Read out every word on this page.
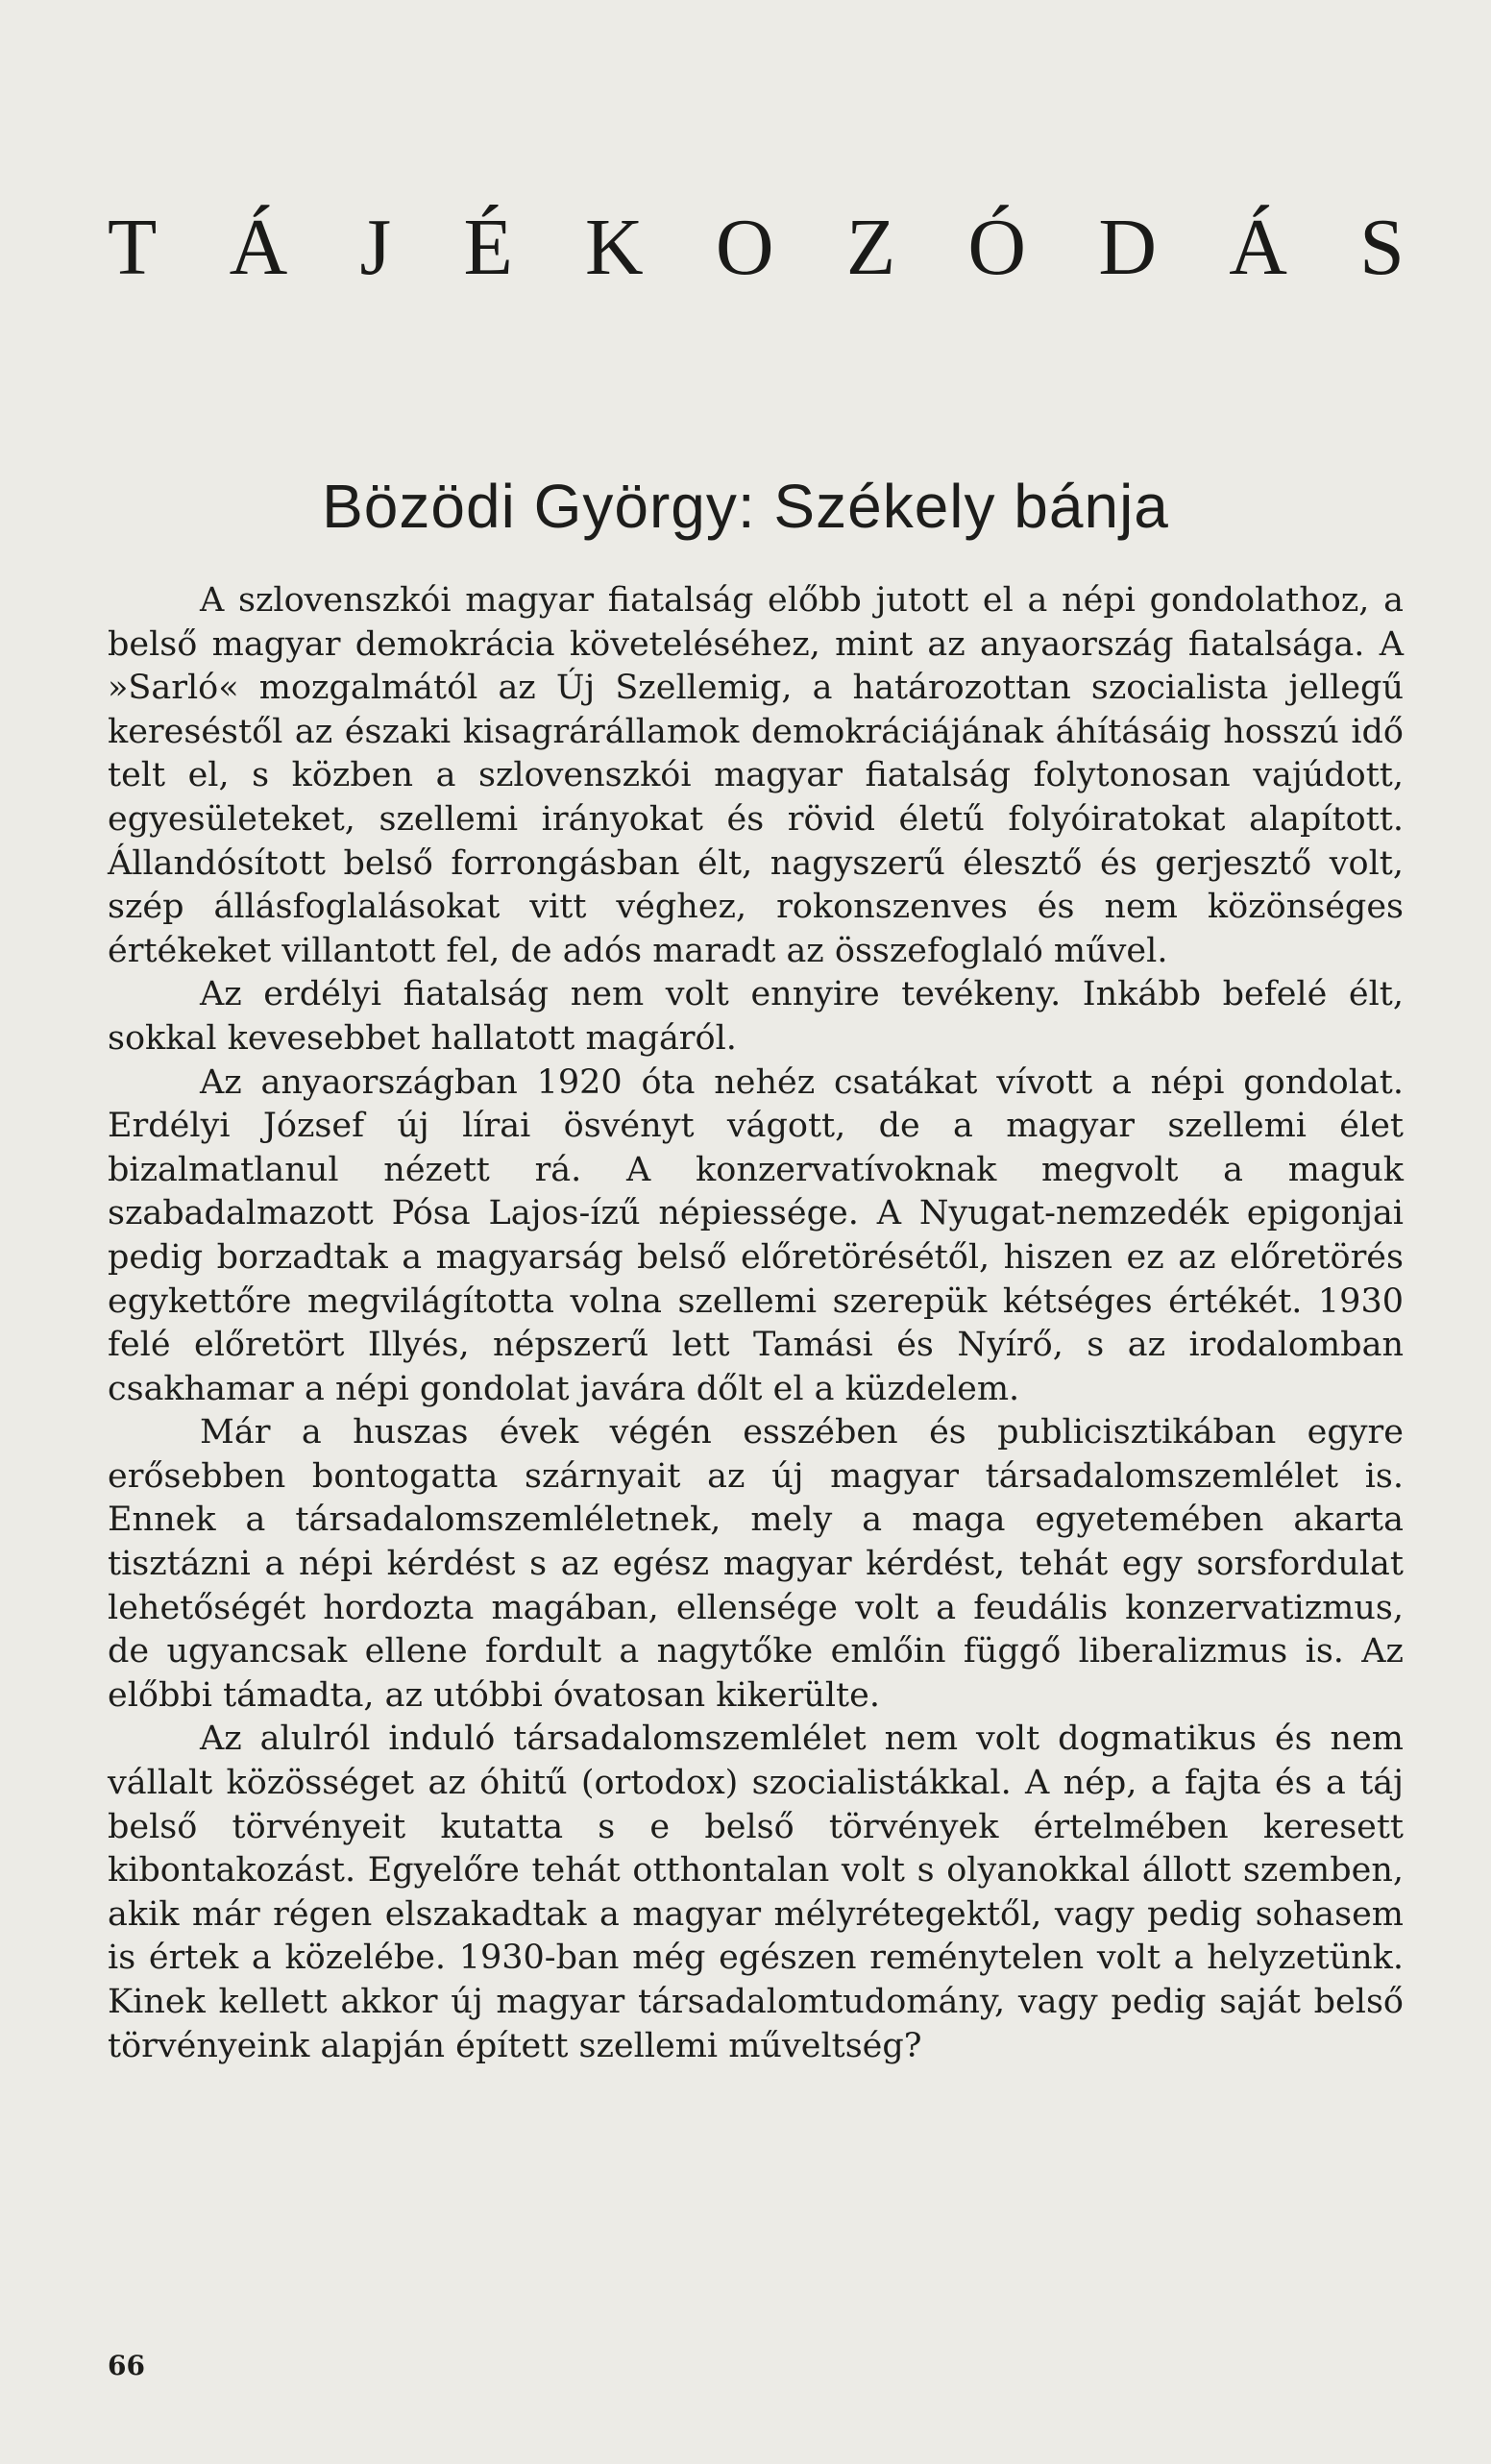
T Á J É K O Z Ó D Á S
Bözödi György: Székely bánja

A szlovenszkói magyar fiatalság előbb jutott el a népi gondolathoz, a belső magyar demokrácia követeléséhez, mint az anyaország fiatalsága. A »Sarló« mozgalmától az Új Szellemig, a határozottan szocialista jellegű kereséstől az északi kisagrárállamok demokráciájának áhításáig hosszú idő telt el, s közben a szlovenszkói magyar fiatalság folytonosan vajúdott, egyesületeket, szellemi irányokat és rövid életű folyóiratokat alapított. Állandósított belső forrongásban élt, nagyszerű élesztő és gerjesztő volt, szép állásfoglalásokat vitt véghez, rokonszenves és nem közönséges értékeket villantott fel, de adós maradt az összefoglaló művel.

Az erdélyi fiatalság nem volt ennyire tevékeny. Inkább befelé élt, sokkal kevesebbet hallatott magáról.

Az anyaországban 1920 óta nehéz csatákat vívott a népi gondolat. Erdélyi József új lírai ösvényt vágott, de a magyar szellemi élet bizalmatlanul nézett rá. A konzervatívoknak megvolt a maguk szabadalmazott Pósa Lajos-ízű népiessége. A Nyugat-nemzedék epigonjai pedig borzadtak a magyarság belső előretörésétől, hiszen ez az előretörés egykettőre megvilágította volna szellemi szerepük kétséges értékét. 1930 felé előretört Illyés, népszerű lett Tamási és Nyírő, s az irodalomban csakhamar a népi gondolat javára dőlt el a küzdelem.

Már a huszas évek végén esszében és publicisztikában egyre erősebben bontogatta szárnyait az új magyar társadalomszemlélet is. Ennek a társadalomszemléletnek, mely a maga egyetemében akarta tisztázni a népi kérdést s az egész magyar kérdést, tehát egy sorsfordulat lehetőségét hordozta magában, ellensége volt a feudális konzervatizmus, de ugyancsak ellene fordult a nagytőke emlőin függő liberalizmus is. Az előbbi támadta, az utóbbi óvatosan kikerülte.

Az alulról induló társadalomszemlélet nem volt dogmatikus és nem vállalt közösséget az óhitű (ortodox) szocialistákkal. A nép, a fajta és a táj belső törvényeit kutatta s e belső törvények értelmében keresett kibontakozást. Egyelőre tehát otthontalan volt s olyanokkal állott szemben, akik már régen elszakadtak a magyar mélyrétegektől, vagy pedig sohasem is értek a közelébe. 1930-ban még egészen reménytelen volt a helyzetünk. Kinek kellett akkor új magyar társadalomtudomány, vagy pedig saját belső törvényeink alapján épített szellemi műveltség?

66
